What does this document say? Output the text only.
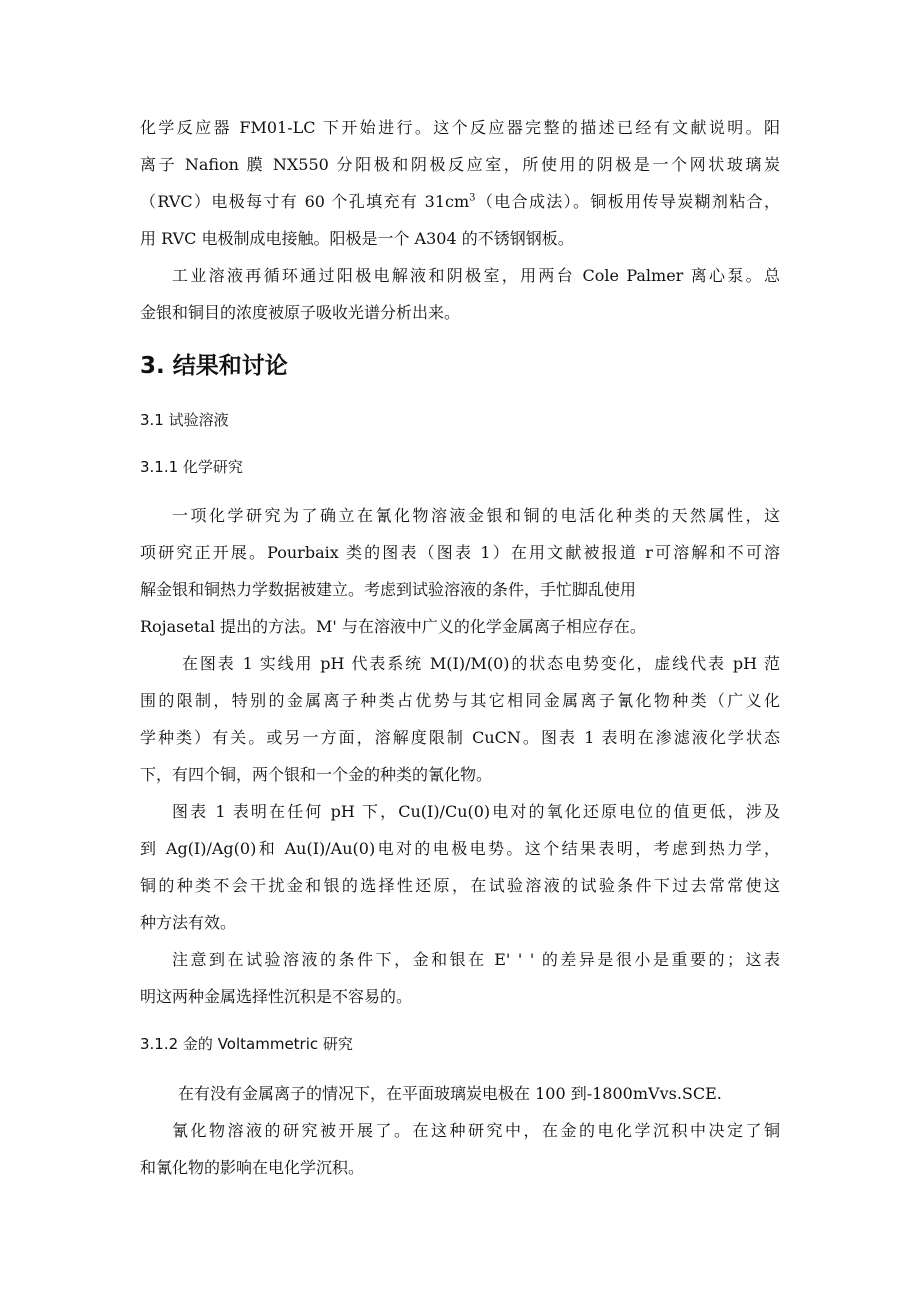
化学反应器 FM01-LC 下开始进行。这个反应器完整的描述已经有文献说明。阳
离子 Nafion 膜 NX550 分阳极和阴极反应室，所使用的阴极是一个网状玻璃炭
（RVC）电极每寸有 60 个孔填充有 $31cm^3$（电合成法）。铜板用传导炭糊剂粘合，
用 RVC 电极制成电接触。阳极是一个 A304 的不锈钢钢板。
工业溶液再循环通过阳极电解液和阴极室，用两台 Cole Palmer 离心泵。总
金银和铜目的浓度被原子吸收光谱分析出来。
3. 结果和讨论
3.1 试验溶液
3.1.1 化学研究
一项化学研究为了确立在氰化物溶液金银和铜的电活化种类的天然属性，这
项研究正开展。Pourbaix 类的图表（图表 1）在用文献被报道 r可溶解和不可溶
解金银和铜热力学数据被建立。考虑到试验溶液的条件，手忙脚乱使用
Rojasetal 提出的方法。M' 与在溶液中广义的化学金属离子相应存在。
在图表 1 实线用 pH 代表系统 M(I)/M(0)的状态电势变化，虚线代表 pH 范
围的限制，特别的金属离子种类占优势与其它相同金属离子氰化物种类（广义化
学种类）有关。或另一方面，溶解度限制 CuCN。图表 1 表明在渗滤液化学状态
下，有四个铜，两个银和一个金的种类的氰化物。
图表 1 表明在任何 pH 下，Cu(I)/Cu(0)电对的氧化还原电位的值更低，涉及
到 Ag(I)/Ag(0)和 Au(I)/Au(0)电对的电极电势。这个结果表明，考虑到热力学，
铜的种类不会干扰金和银的选择性还原，在试验溶液的试验条件下过去常常使这
种方法有效。
注意到在试验溶液的条件下，金和银在 E' ' ' 的差异是很小是重要的；这表
明这两种金属选择性沉积是不容易的。
3.1.2 金的 Voltammetric 研究
在有没有金属离子的情况下，在平面玻璃炭电极在 100 到-1800mVvs.SCE.
氰化物溶液的研究被开展了。在这种研究中，在金的电化学沉积中决定了铜
和氰化物的影响在电化学沉积。
